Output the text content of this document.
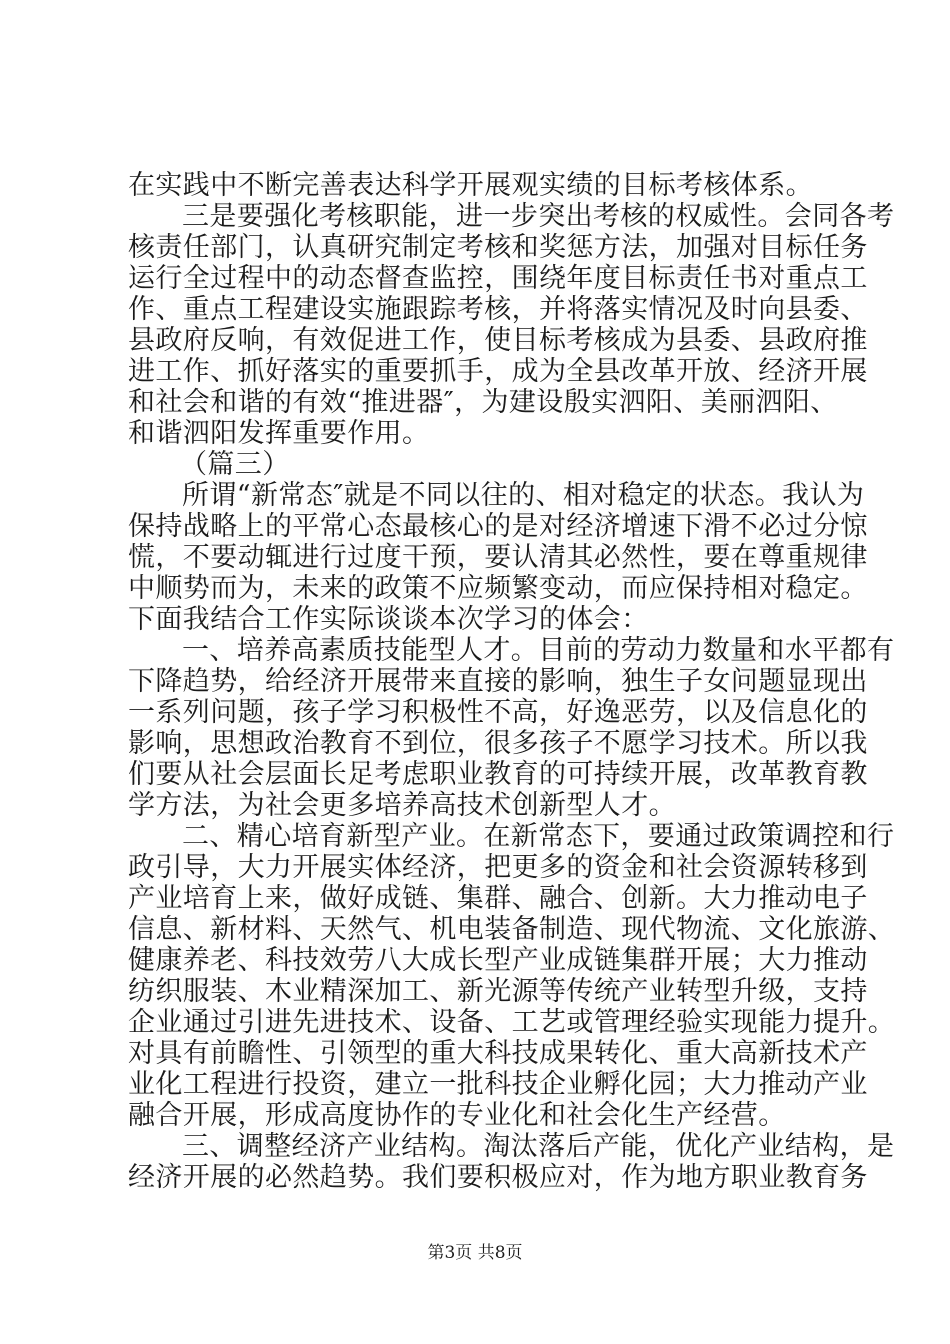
在实践中不断完善表达科学开展观实绩的目标考核体系。
三是要强化考核职能，进一步突出考核的权威性。会同各考
核责任部门，认真研究制定考核和奖惩方法，加强对目标任务
运行全过程中的动态督查监控，围绕年度目标责任书对重点工
作、重点工程建设实施跟踪考核，并将落实情况及时向县委、
县政府反响，有效促进工作，使目标考核成为县委、县政府推
进工作、抓好落实的重要抓手，成为全县改革开放、经济开展
和社会和谐的有效“推进器″，为建设殷实泗阳、美丽泗阳、
和谐泗阳发挥重要作用。
（篇三）
所谓“新常态″就是不同以往的、相对稳定的状态。我认为
保持战略上的平常心态最核心的是对经济增速下滑不必过分惊
慌，不要动辄进行过度干预，要认清其必然性，要在尊重规律
中顺势而为，未来的政策不应频繁变动，而应保持相对稳定。
下面我结合工作实际谈谈本次学习的体会：
一、培养高素质技能型人才。目前的劳动力数量和水平都有
下降趋势，给经济开展带来直接的影响，独生子女问题显现出
一系列问题，孩子学习积极性不高，好逸恶劳，以及信息化的
影响，思想政治教育不到位，很多孩子不愿学习技术。所以我
们要从社会层面长足考虑职业教育的可持续开展，改革教育教
学方法，为社会更多培养高技术创新型人才。
二、精心培育新型产业。在新常态下，要通过政策调控和行
政引导，大力开展实体经济，把更多的资金和社会资源转移到
产业培育上来，做好成链、集群、融合、创新。大力推动电子
信息、新材料、天然气、机电装备制造、现代物流、文化旅游、
健康养老、科技效劳八大成长型产业成链集群开展；大力推动
纺织服装、木业精深加工、新光源等传统产业转型升级，支持
企业通过引进先进技术、设备、工艺或管理经验实现能力提升。
对具有前瞻性、引领型的重大科技成果转化、重大高新技术产
业化工程进行投资，建立一批科技企业孵化园；大力推动产业
融合开展，形成高度协作的专业化和社会化生产经营。
三、调整经济产业结构。淘汰落后产能，优化产业结构，是
经济开展的必然趋势。我们要积极应对，作为地方职业教育务
第3页 共8页
